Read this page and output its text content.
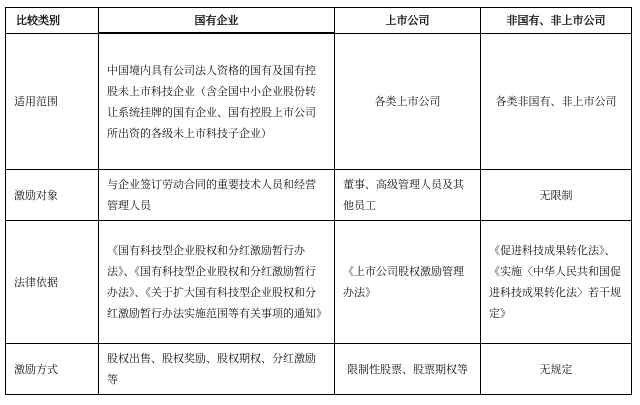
比较类别	国有企业	上市公司	非国有、非上市公司
适用范围	中国境内具有公司法人资格的国有及国有控股未上市科技企业（含全国中小企业股份转让系统挂牌的国有企业、国有控股上市公司所出资的各级未上市科技子企业）	各类上市公司	各类非国有、非上市公司
激励对象	与企业签订劳动合同的重要技术人员和经营管理人员	董事、高级管理人员及其他员工	无限制
法律依据	《国有科技型企业股权和分红激励暂行办法》、《国有科技型企业股权和分红激励暂行办法》、《关于扩大国有科技型企业股权和分红激励暂行办法实施范围等有关事项的通知》	《上市公司股权激励管理办法》	《促进科技成果转化法》、《实施〈中华人民共和国促进科技成果转化法〉若干规定》
激励方式	股权出售、股权奖励、股权期权、分红激励等	限制性股票、股票期权等	无规定
